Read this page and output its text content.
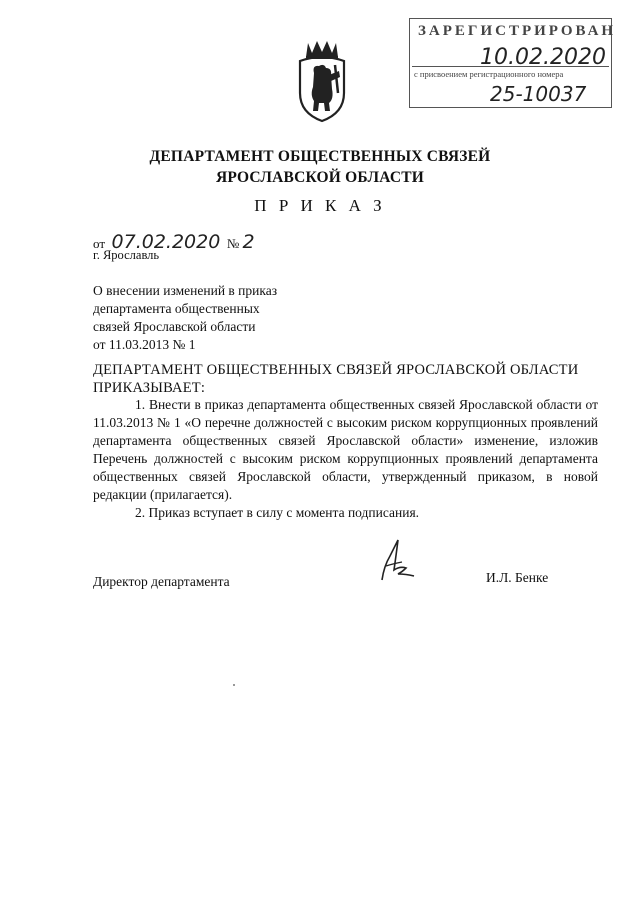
ЗАРЕГИСТРИРОВАН
10.02.2020
с присвоением регистрационного номера
25-10037
ДЕПАРТАМЕНТ ОБЩЕСТВЕННЫХ СВЯЗЕЙ
ЯРОСЛАВСКОЙ ОБЛАСТИ
П Р И К А З
от 07.02.2020 № 2
г. Ярославль
О внесении изменений в приказ
департамента общественных
связей Ярославской области
от 11.03.2013 № 1
ДЕПАРТАМЕНТ ОБЩЕСТВЕННЫХ СВЯЗЕЙ ЯРОСЛАВСКОЙ ОБЛАСТИ
ПРИКАЗЫВАЕТ:

1. Внести в приказ департамента общественных связей Ярославской области от 11.03.2013 № 1 «О перечне должностей с высоким риском коррупционных проявлений департамента общественных связей Ярославской области» изменение, изложив Перечень должностей с высоким риском коррупционных проявлений департамента общественных связей Ярославской области, утвержденный приказом, в новой редакции (прилагается).

2. Приказ вступает в силу с момента подписания.

Директор департамента	И.Л. Бенке
